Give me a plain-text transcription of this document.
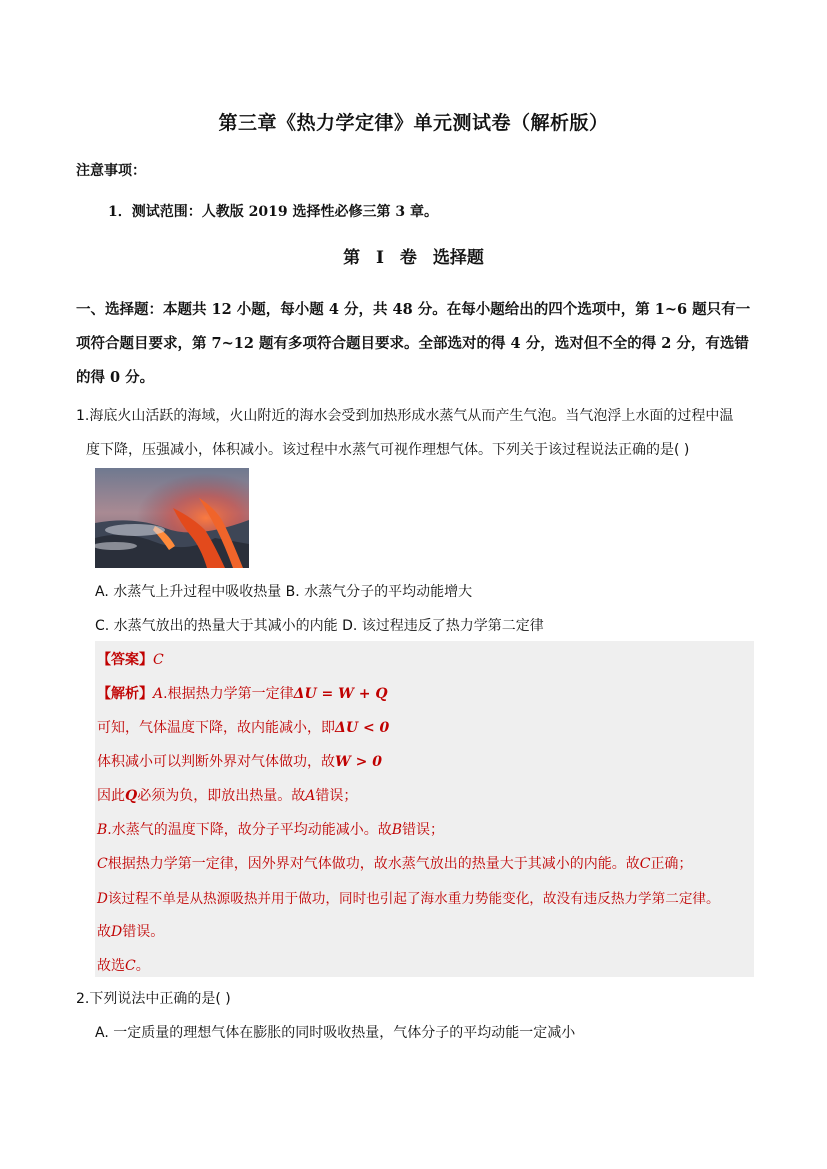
第三章《热力学定律》单元测试卷（解析版）
注意事项：
1．测试范围：人教版 2019 选择性必修三第 3 章。
第 I 卷 选择题
一、选择题：本题共 12 小题，每小题 4 分，共 48 分。在每小题给出的四个选项中，第 1~6 题只有一项符合题目要求，第 7~12 题有多项符合题目要求。全部选对的得 4 分，选对但不全的得 2 分，有选错的得 0 分。
1.海底火山活跃的海域，火山附近的海水会受到加热形成水蒸气从而产生气泡。当气泡浮上水面的过程中温
度下降，压强减小，体积减小。该过程中水蒸气可视作理想气体。下列关于该过程说法正确的是( )
A. 水蒸气上升过程中吸收热量 B. 水蒸气分子的平均动能增大
C. 水蒸气放出的热量大于其减小的内能 D. 该过程违反了热力学第二定律
【答案】C
【解析】A.根据热力学第一定律ΔU = W + Q
可知，气体温度下降，故内能减小，即ΔU < 0
体积减小可以判断外界对气体做功，故W > 0
因此Q必须为负，即放出热量。故A错误；
B.水蒸气的温度下降，故分子平均动能减小。故B错误；
C根据热力学第一定律，因外界对气体做功，故水蒸气放出的热量大于其减小的内能。故C正确；
D该过程不单是从热源吸热并用于做功，同时也引起了海水重力势能变化，故没有违反热力学第二定律。
故D错误。
故选C。
2.下列说法中正确的是( )
A. 一定质量的理想气体在膨胀的同时吸收热量，气体分子的平均动能一定减小
